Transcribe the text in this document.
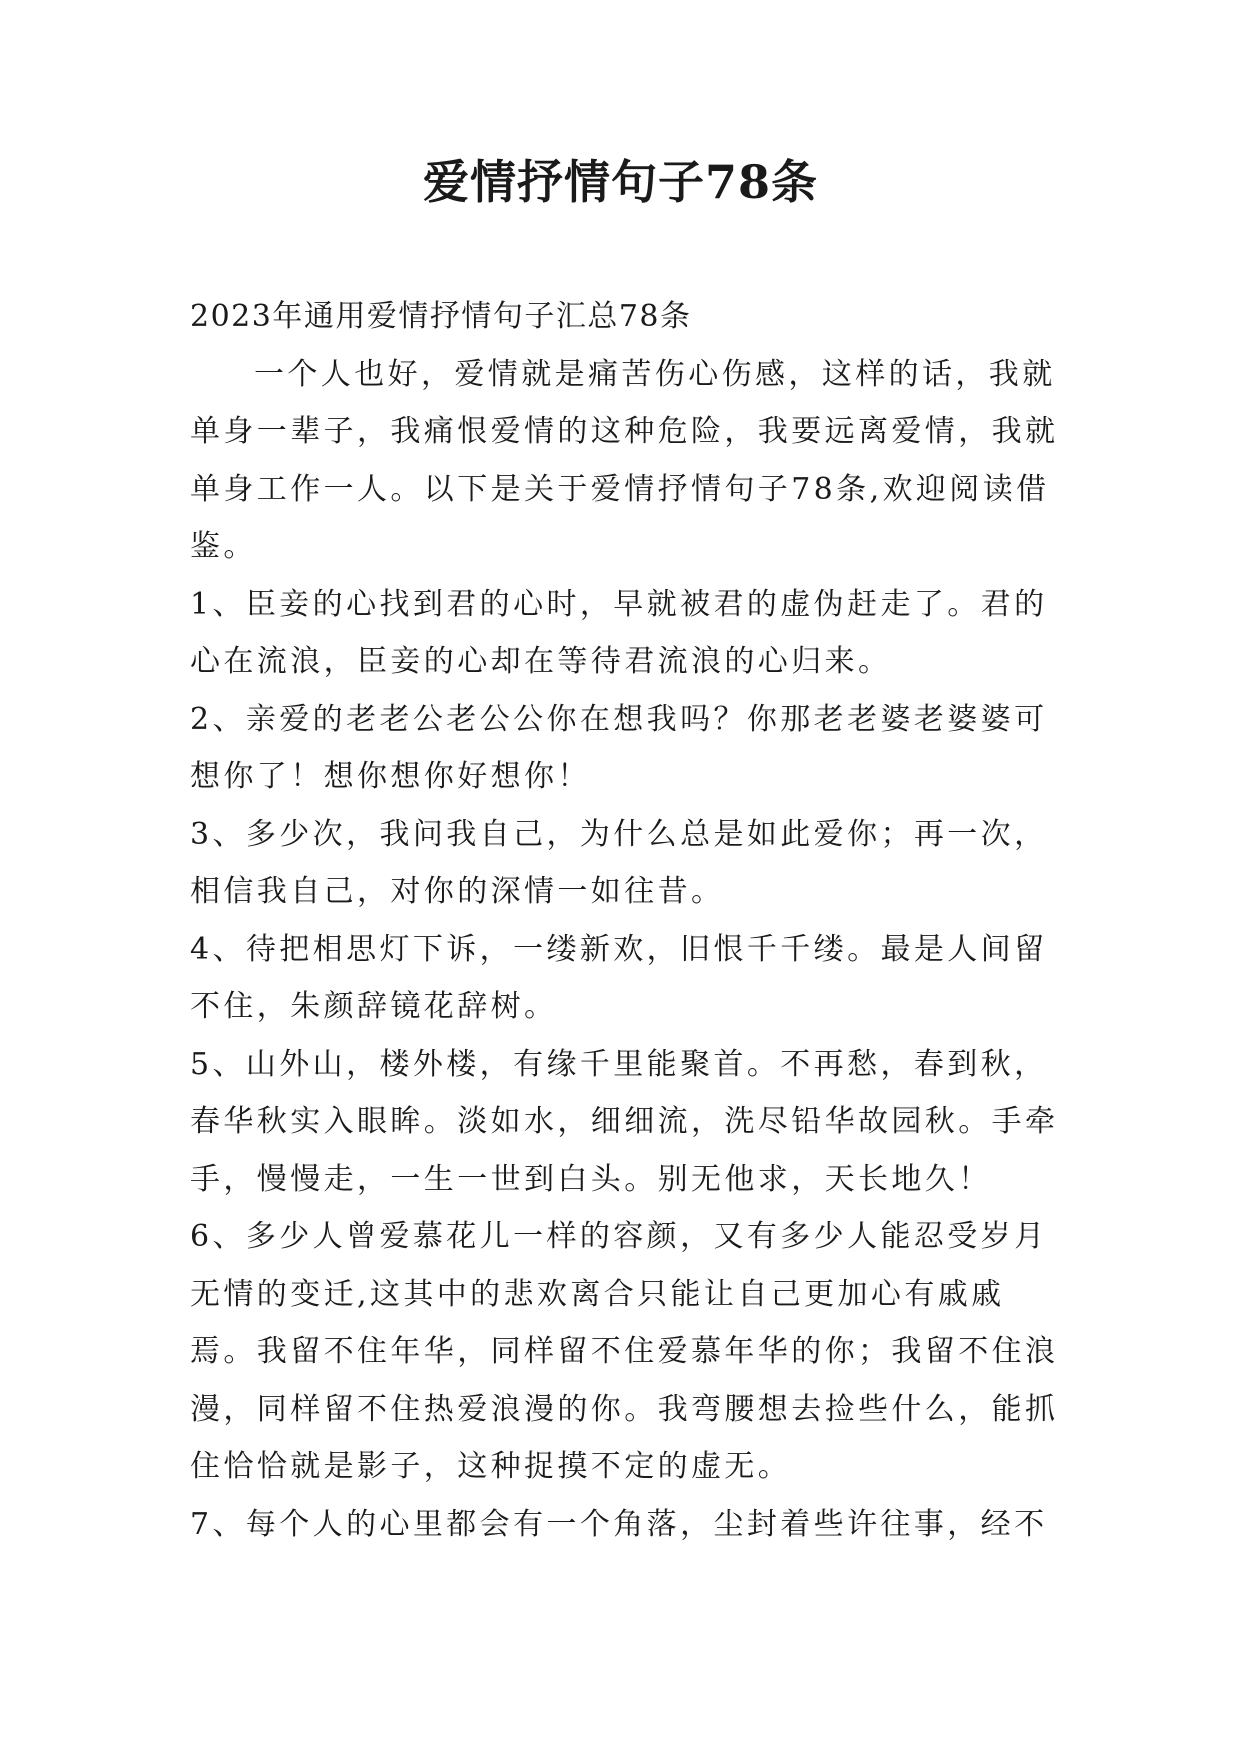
爱情抒情句子78条

2023年通用爱情抒情句子汇总78条

一个人也好，爱情就是痛苦伤心伤感，这样的话，我就单身一辈子，我痛恨爱情的这种危险，我要远离爱情，我就单身工作一人。以下是关于爱情抒情句子78条,欢迎阅读借鉴。

1、臣妾的心找到君的心时，早就被君的虚伪赶走了。君的心在流浪，臣妾的心却在等待君流浪的心归来。

2、亲爱的老老公老公公你在想我吗？你那老老婆老婆婆可想你了！想你想你好想你！

3、多少次，我问我自己，为什么总是如此爱你；再一次，相信我自己，对你的深情一如往昔。

4、待把相思灯下诉，一缕新欢，旧恨千千缕。最是人间留不住，朱颜辞镜花辞树。

5、山外山，楼外楼，有缘千里能聚首。不再愁，春到秋，春华秋实入眼眸。淡如水，细细流，洗尽铅华故园秋。手牵手，慢慢走，一生一世到白头。别无他求，天长地久！

6、多少人曾爱慕花儿一样的容颜，又有多少人能忍受岁月无情的变迁,这其中的悲欢离合只能让自己更加心有戚戚焉。我留不住年华，同样留不住爱慕年华的你；我留不住浪漫，同样留不住热爱浪漫的你。我弯腰想去捡些什么，能抓住恰恰就是影子，这种捉摸不定的虚无。

7、每个人的心里都会有一个角落，尘封着些许往事，经不
